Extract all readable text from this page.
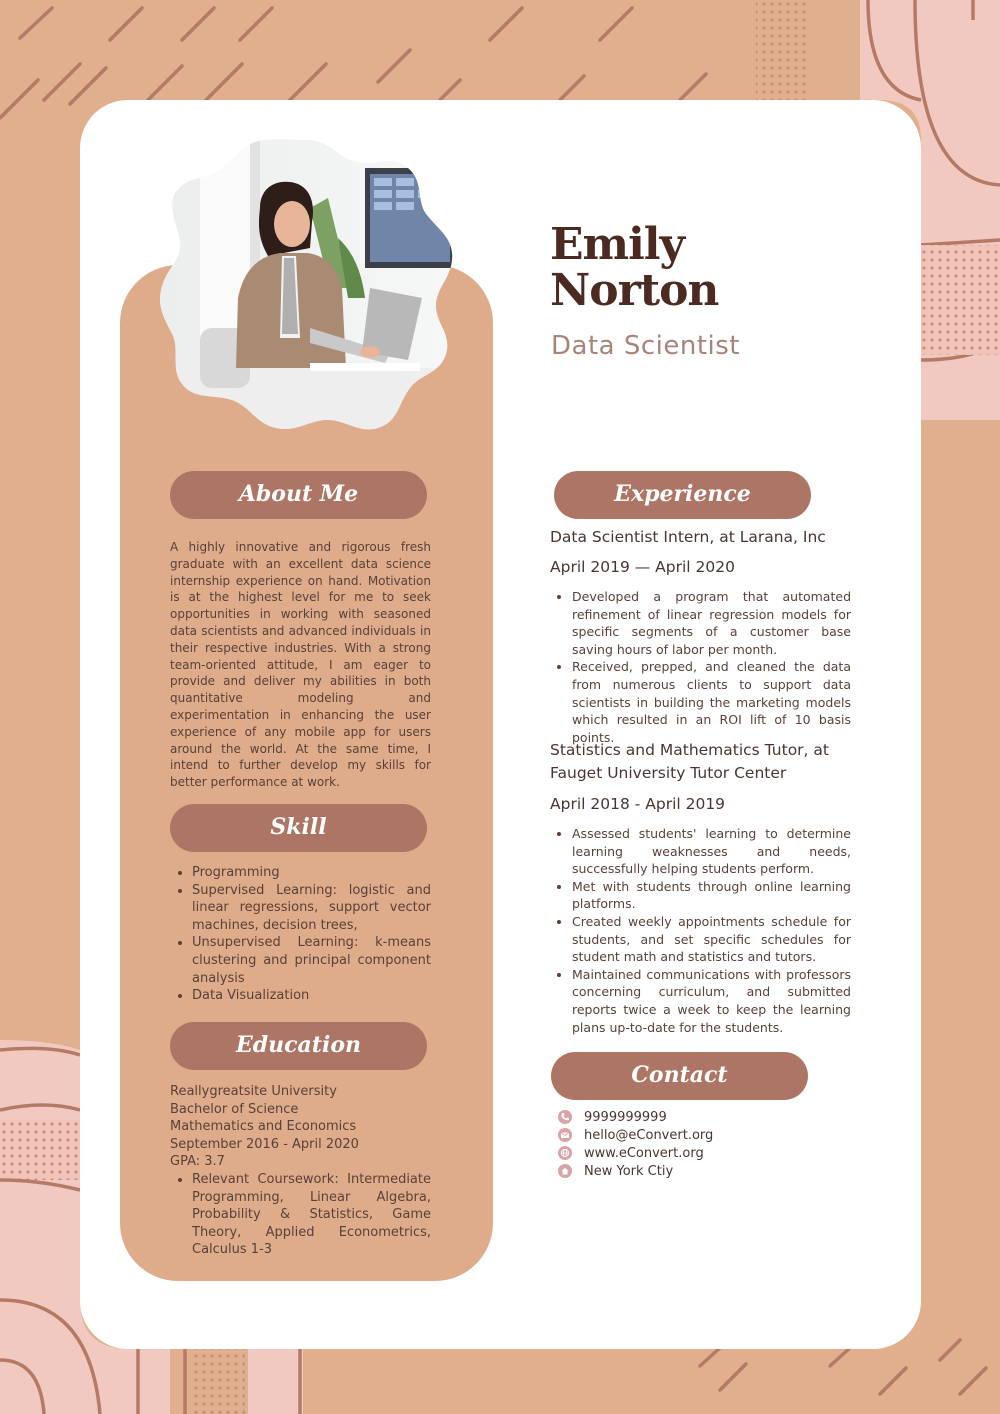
Emily
Norton
Data Scientist
About Me
A highly innovative and rigorous fresh graduate with an excellent data science internship experience on hand. Motivation is at the highest level for me to seek opportunities in working with seasoned data scientists and advanced individuals in their respective industries. With a strong team-oriented attitude, I am eager to provide and deliver my abilities in both quantitative modeling and experimentation in enhancing the user experience of any mobile app for users around the world. At the same time, I intend to further develop my skills for better performance at work.
Skill
• Programming
• Supervised Learning: logistic and linear regressions, support vector machines, decision trees,
• Unsupervised Learning: k-means clustering and principal component analysis
• Data Visualization
Education
Reallygreatsite University
Bachelor of Science
Mathematics and Economics
September 2016 - April 2020
GPA: 3.7
• Relevant Coursework: Intermediate Programming, Linear Algebra, Probability & Statistics, Game Theory, Applied Econometrics, Calculus 1-3
Experience
Data Scientist Intern, at Larana, Inc
April 2019 — April 2020
• Developed a program that automated refinement of linear regression models for specific segments of a customer base saving hours of labor per month.
• Received, prepped, and cleaned the data from numerous clients to support data scientists in building the marketing models which resulted in an ROI lift of 10 basis points.
Statistics and Mathematics Tutor, at Fauget University Tutor Center
April 2018 - April 2019
• Assessed students' learning to determine learning weaknesses and needs, successfully helping students perform.
• Met with students through online learning platforms.
• Created weekly appointments schedule for students, and set specific schedules for student math and statistics and tutors.
• Maintained communications with professors concerning curriculum, and submitted reports twice a week to keep the learning plans up-to-date for the students.
Contact
9999999999
hello@eConvert.org
www.eConvert.org
New York Ctiy
